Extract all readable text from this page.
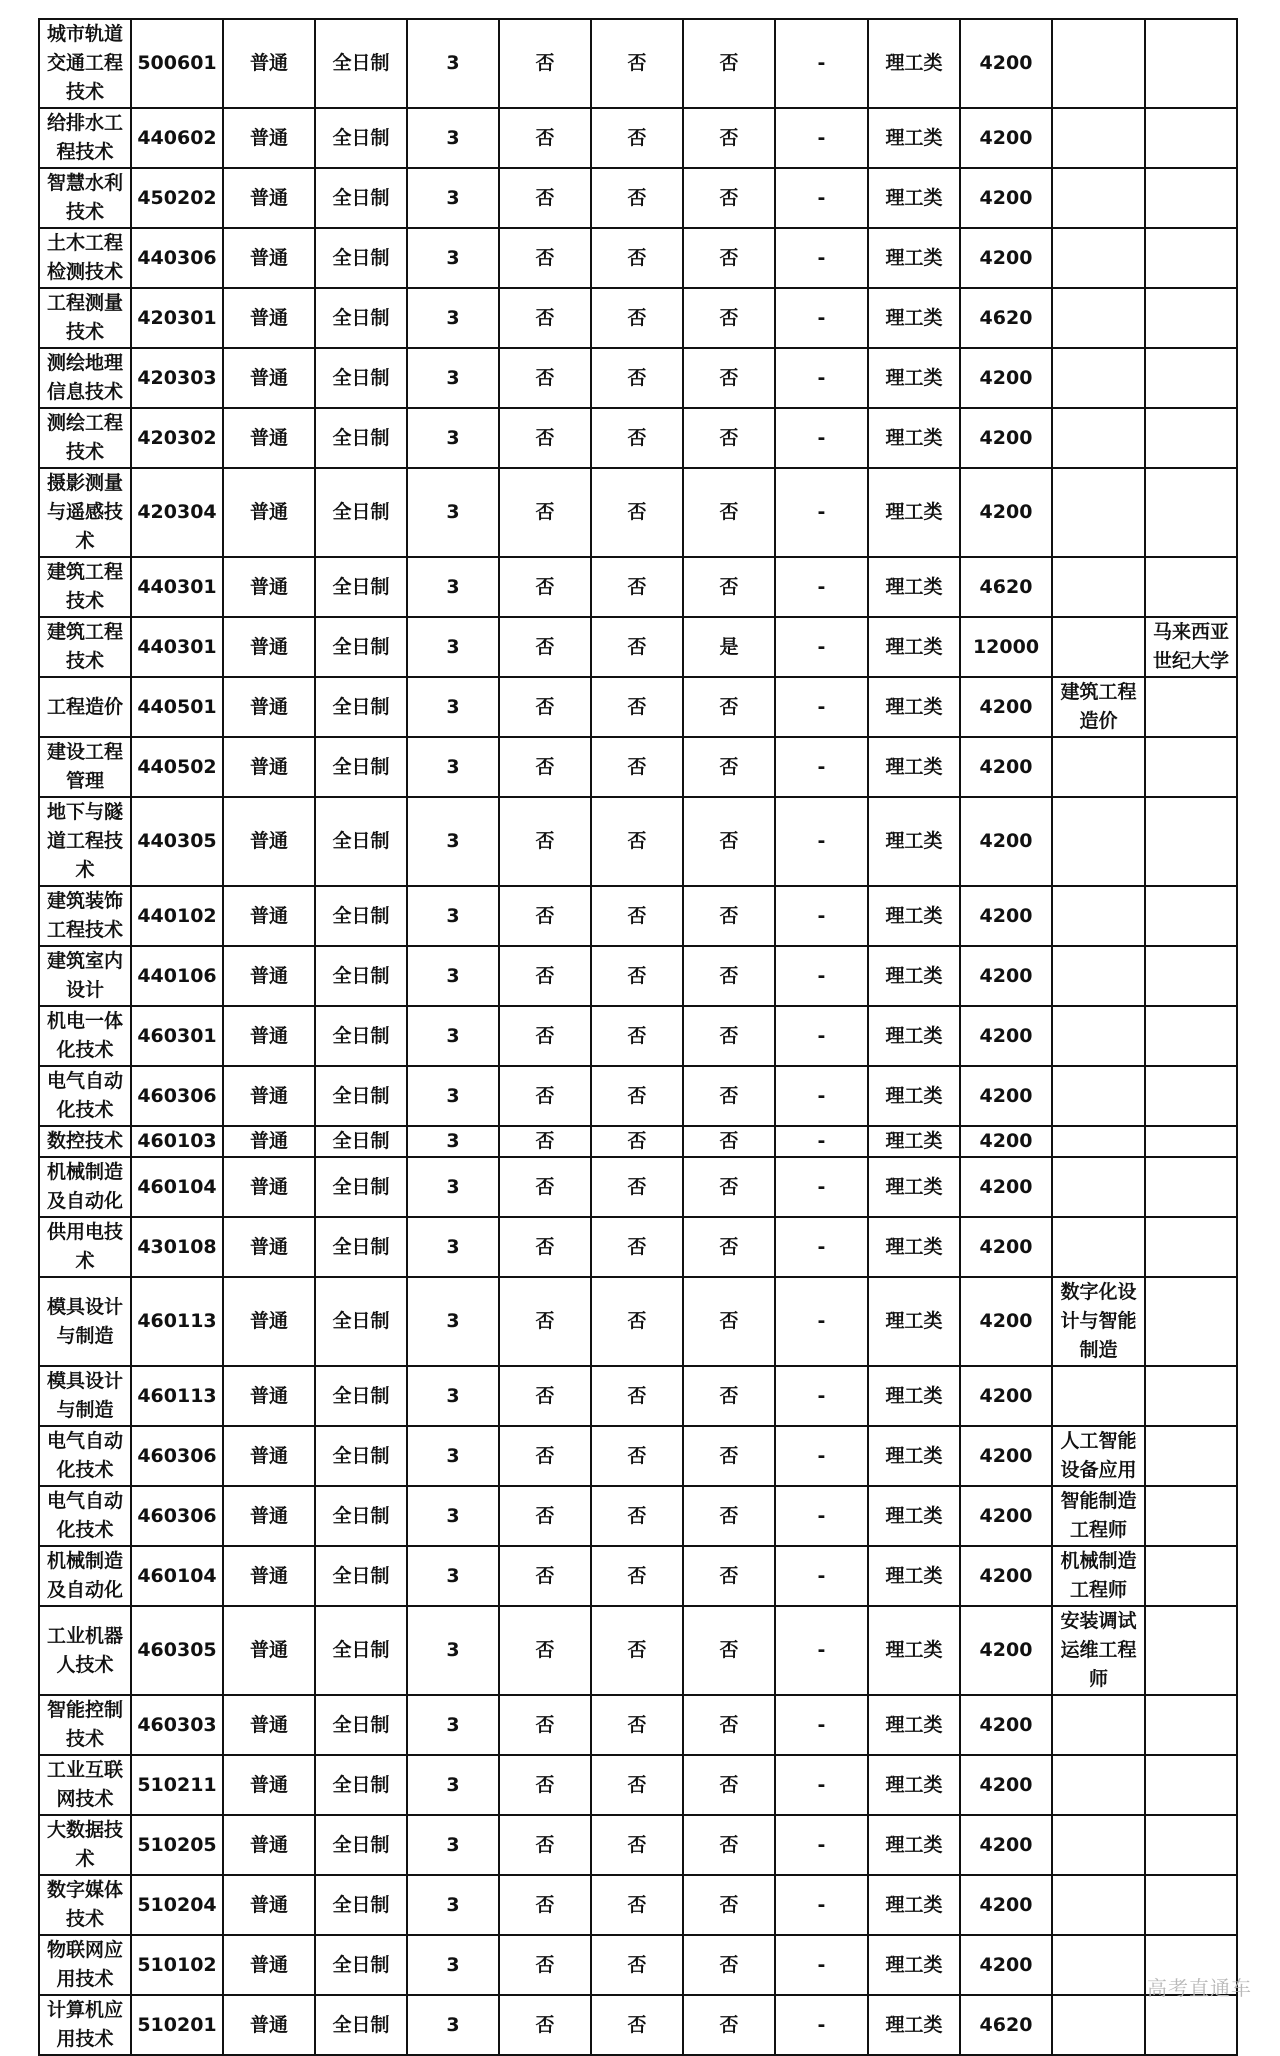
城市轨道交通工程技术	500601	普通	全日制	3	否	否	否	-	理工类	4200		
给排水工程技术	440602	普通	全日制	3	否	否	否	-	理工类	4200		
智慧水利技术	450202	普通	全日制	3	否	否	否	-	理工类	4200		
土木工程检测技术	440306	普通	全日制	3	否	否	否	-	理工类	4200		
工程测量技术	420301	普通	全日制	3	否	否	否	-	理工类	4620		
测绘地理信息技术	420303	普通	全日制	3	否	否	否	-	理工类	4200		
测绘工程技术	420302	普通	全日制	3	否	否	否	-	理工类	4200		
摄影测量与遥感技术	420304	普通	全日制	3	否	否	否	-	理工类	4200		
建筑工程技术	440301	普通	全日制	3	否	否	否	-	理工类	4620		
建筑工程技术	440301	普通	全日制	3	否	否	是	-	理工类	12000		马来西亚世纪大学
工程造价	440501	普通	全日制	3	否	否	否	-	理工类	4200	建筑工程造价	
建设工程管理	440502	普通	全日制	3	否	否	否	-	理工类	4200		
地下与隧道工程技术	440305	普通	全日制	3	否	否	否	-	理工类	4200		
建筑装饰工程技术	440102	普通	全日制	3	否	否	否	-	理工类	4200		
建筑室内设计	440106	普通	全日制	3	否	否	否	-	理工类	4200		
机电一体化技术	460301	普通	全日制	3	否	否	否	-	理工类	4200		
电气自动化技术	460306	普通	全日制	3	否	否	否	-	理工类	4200		
数控技术	460103	普通	全日制	3	否	否	否	-	理工类	4200		
机械制造及自动化	460104	普通	全日制	3	否	否	否	-	理工类	4200		
供用电技术	430108	普通	全日制	3	否	否	否	-	理工类	4200		
模具设计与制造	460113	普通	全日制	3	否	否	否	-	理工类	4200	数字化设计与智能制造	
模具设计与制造	460113	普通	全日制	3	否	否	否	-	理工类	4200		
电气自动化技术	460306	普通	全日制	3	否	否	否	-	理工类	4200	人工智能设备应用	
电气自动化技术	460306	普通	全日制	3	否	否	否	-	理工类	4200	智能制造工程师	
机械制造及自动化	460104	普通	全日制	3	否	否	否	-	理工类	4200	机械制造工程师	
工业机器人技术	460305	普通	全日制	3	否	否	否	-	理工类	4200	安装调试运维工程师	
智能控制技术	460303	普通	全日制	3	否	否	否	-	理工类	4200		
工业互联网技术	510211	普通	全日制	3	否	否	否	-	理工类	4200		
大数据技术	510205	普通	全日制	3	否	否	否	-	理工类	4200		
数字媒体技术	510204	普通	全日制	3	否	否	否	-	理工类	4200		
物联网应用技术	510102	普通	全日制	3	否	否	否	-	理工类	4200		
计算机应用技术	510201	普通	全日制	3	否	否	否	-	理工类	4620		
高考直通车
